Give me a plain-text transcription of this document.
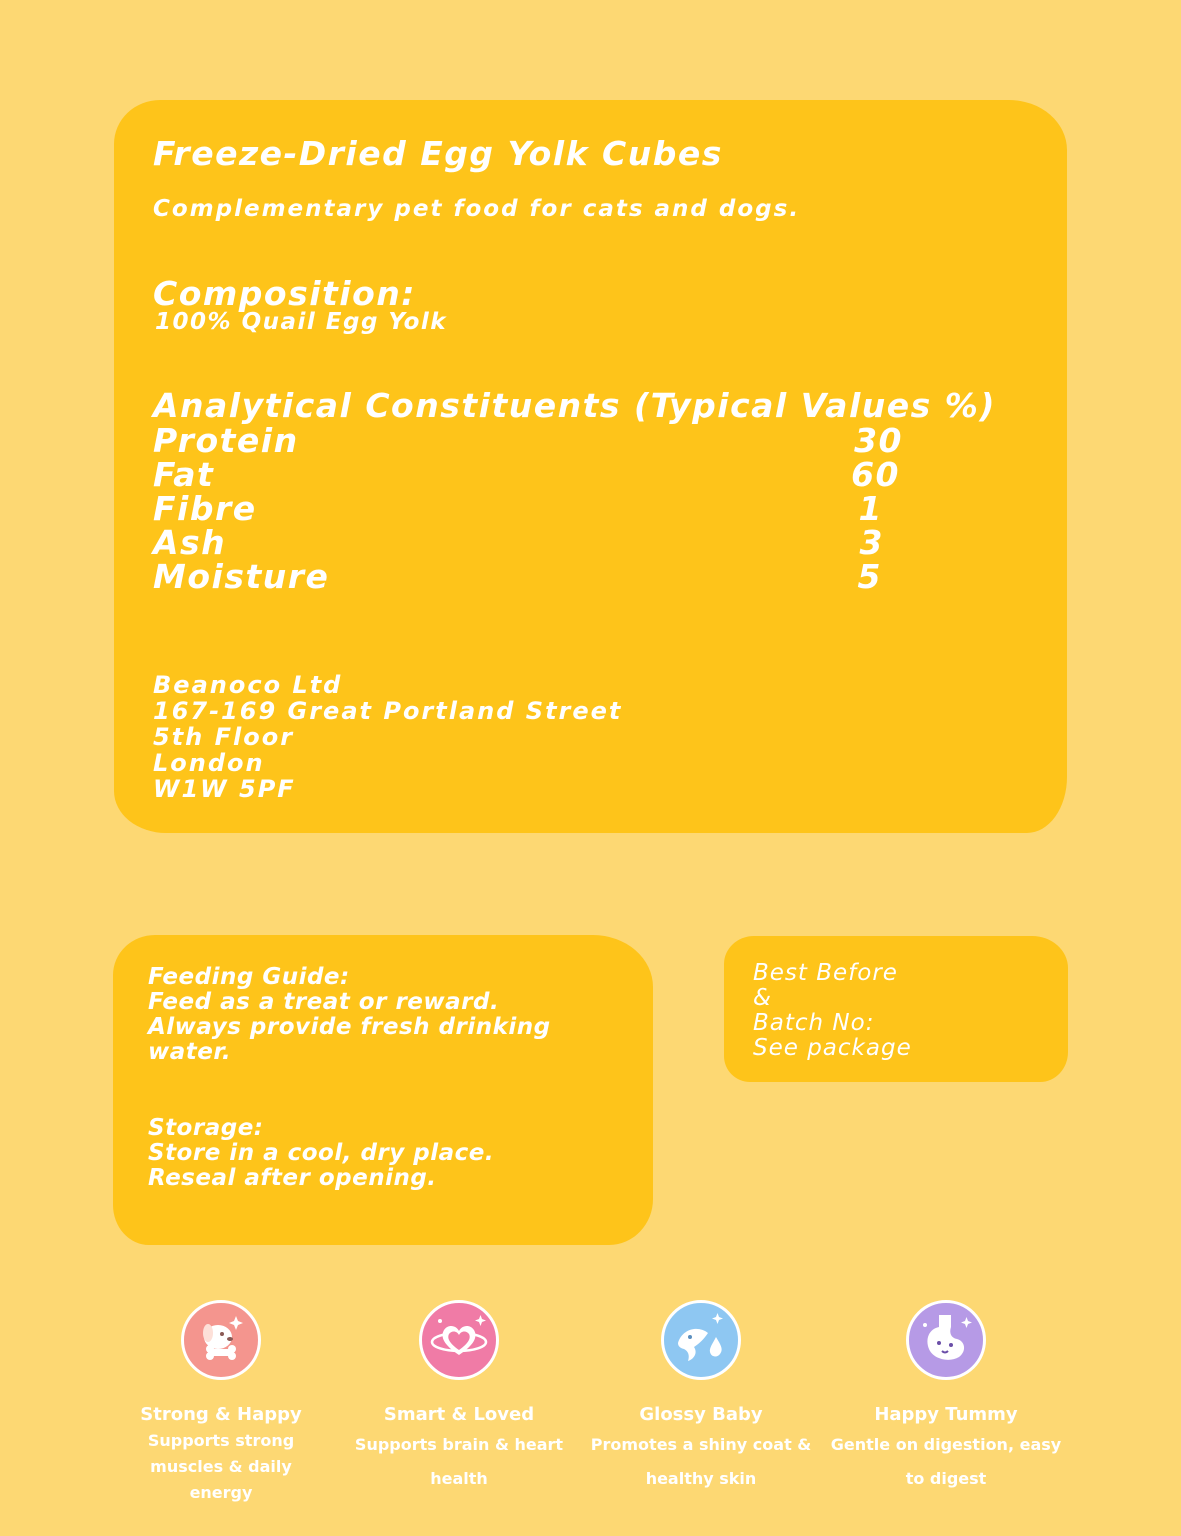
Freeze-Dried Egg Yolk Cubes
Complementary pet food for cats and dogs.
Composition:
100% Quail Egg Yolk
Analytical Constituents (Typical Values %)
Protein	30
Fat	60
Fibre	1
Ash	3
Moisture	5
Beanoco Ltd
167-169 Great Portland Street
5th Floor
London
W1W 5PF
Feeding Guide:
Feed as a treat or reward.
Always provide fresh drinking
water.
Storage:
Store in a cool, dry place.
Reseal after opening.
Best Before
&
Batch No:
See package
Strong & Happy
Supports strong
muscles & daily
energy
Smart & Loved
Supports brain & heart
health
Glossy Baby
Promotes a shiny coat &
healthy skin
Happy Tummy
Gentle on digestion, easy
to digest
